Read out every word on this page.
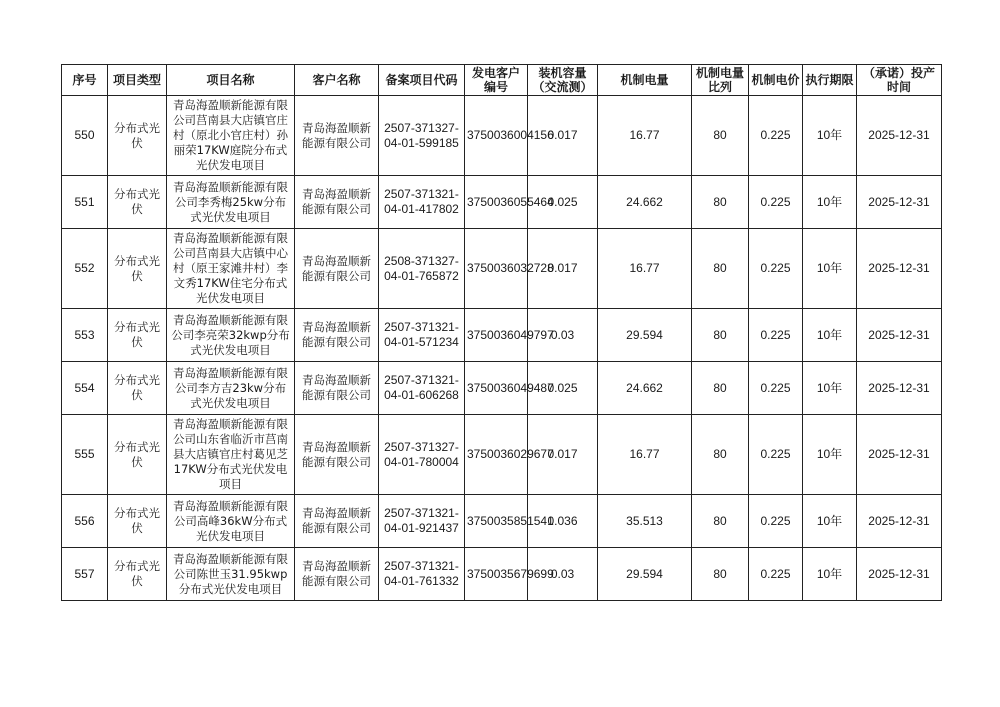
序号	项目类型	项目名称	客户名称	备案项目代码	发电客户编号	装机容量（交流测）	机制电量	机制电量比列	机制电价	执行期限	（承诺）投产时间
550	分布式光伏	青岛海盈顺新能源有限公司莒南县大店镇官庄村（原北小官庄村）孙丽荣17KW庭院分布式光伏发电项目	青岛海盈顺新能源有限公司	2507-371327-04-01-599185	3750036004156	0.017	16.77	80	0.225	10年	2025-12-31
551	分布式光伏	青岛海盈顺新能源有限公司李秀梅25kw分布式光伏发电项目	青岛海盈顺新能源有限公司	2507-371321-04-01-417802	3750036055464	0.025	24.662	80	0.225	10年	2025-12-31
552	分布式光伏	青岛海盈顺新能源有限公司莒南县大店镇中心村（原王家滩井村）李文秀17KW住宅分布式光伏发电项目	青岛海盈顺新能源有限公司	2508-371327-04-01-765872	3750036032728	0.017	16.77	80	0.225	10年	2025-12-31
553	分布式光伏	青岛海盈顺新能源有限公司李亮荣32kwp分布式光伏发电项目	青岛海盈顺新能源有限公司	2507-371321-04-01-571234	3750036049797	0.03	29.594	80	0.225	10年	2025-12-31
554	分布式光伏	青岛海盈顺新能源有限公司李方吉23kw分布式光伏发电项目	青岛海盈顺新能源有限公司	2507-371321-04-01-606268	3750036049487	0.025	24.662	80	0.225	10年	2025-12-31
555	分布式光伏	青岛海盈顺新能源有限公司山东省临沂市莒南县大店镇官庄村葛见芝17KW分布式光伏发电项目	青岛海盈顺新能源有限公司	2507-371327-04-01-780004	3750036029677	0.017	16.77	80	0.225	10年	2025-12-31
556	分布式光伏	青岛海盈顺新能源有限公司高峰36kW分布式光伏发电项目	青岛海盈顺新能源有限公司	2507-371321-04-01-921437	3750035851541	0.036	35.513	80	0.225	10年	2025-12-31
557	分布式光伏	青岛海盈顺新能源有限公司陈世玉31.95kwp分布式光伏发电项目	青岛海盈顺新能源有限公司	2507-371321-04-01-761332	3750035679699	0.03	29.594	80	0.225	10年	2025-12-31
